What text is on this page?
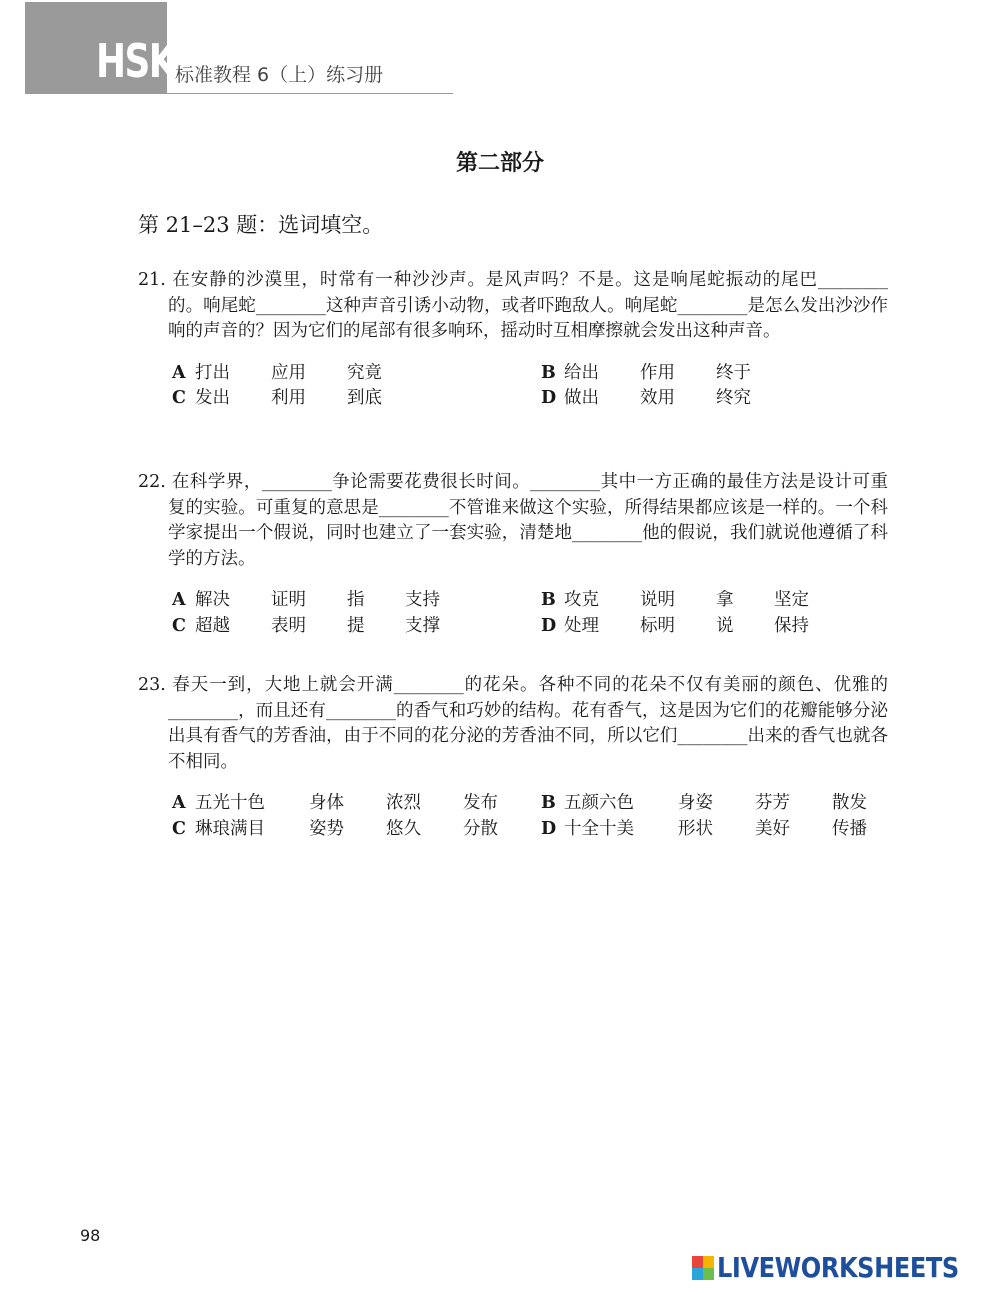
HSK 标准教程 6（上）练习册
第二部分
第 21–23 题：选词填空。
21. 在安静的沙漠里，时常有一种沙沙声。是风声吗？不是。这是响尾蛇振动的尾巴________的。响尾蛇________这种声音引诱小动物，或者吓跑敌人。响尾蛇________是怎么发出沙沙作响的声音的？因为它们的尾部有很多响环，摇动时互相摩擦就会发出这种声音。
A 打出	应用	究竟	B 给出	作用	终于
C 发出	利用	到底	D 做出	效用	终究
22. 在科学界，________争论需要花费很长时间。________其中一方正确的最佳方法是设计可重复的实验。可重复的意思是________不管谁来做这个实验，所得结果都应该是一样的。一个科学家提出一个假说，同时也建立了一套实验，清楚地________他的假说，我们就说他遵循了科学的方法。
A 解决	证明	指	支持	B 攻克	说明	拿	坚定
C 超越	表明	提	支撑	D 处理	标明	说	保持
23. 春天一到，大地上就会开满________的花朵。各种不同的花朵不仅有美丽的颜色、优雅的________，而且还有________的香气和巧妙的结构。花有香气，这是因为它们的花瓣能够分泌出具有香气的芳香油，由于不同的花分泌的芳香油不同，所以它们________出来的香气也就各不相同。
A 五光十色	身体	浓烈	发布 B 五颜六色	身姿	芬芳	散发
C 琳琅满目	姿势	悠久	分散 D 十全十美	形状	美好	传播
98
LIVEWORKSHEETS
